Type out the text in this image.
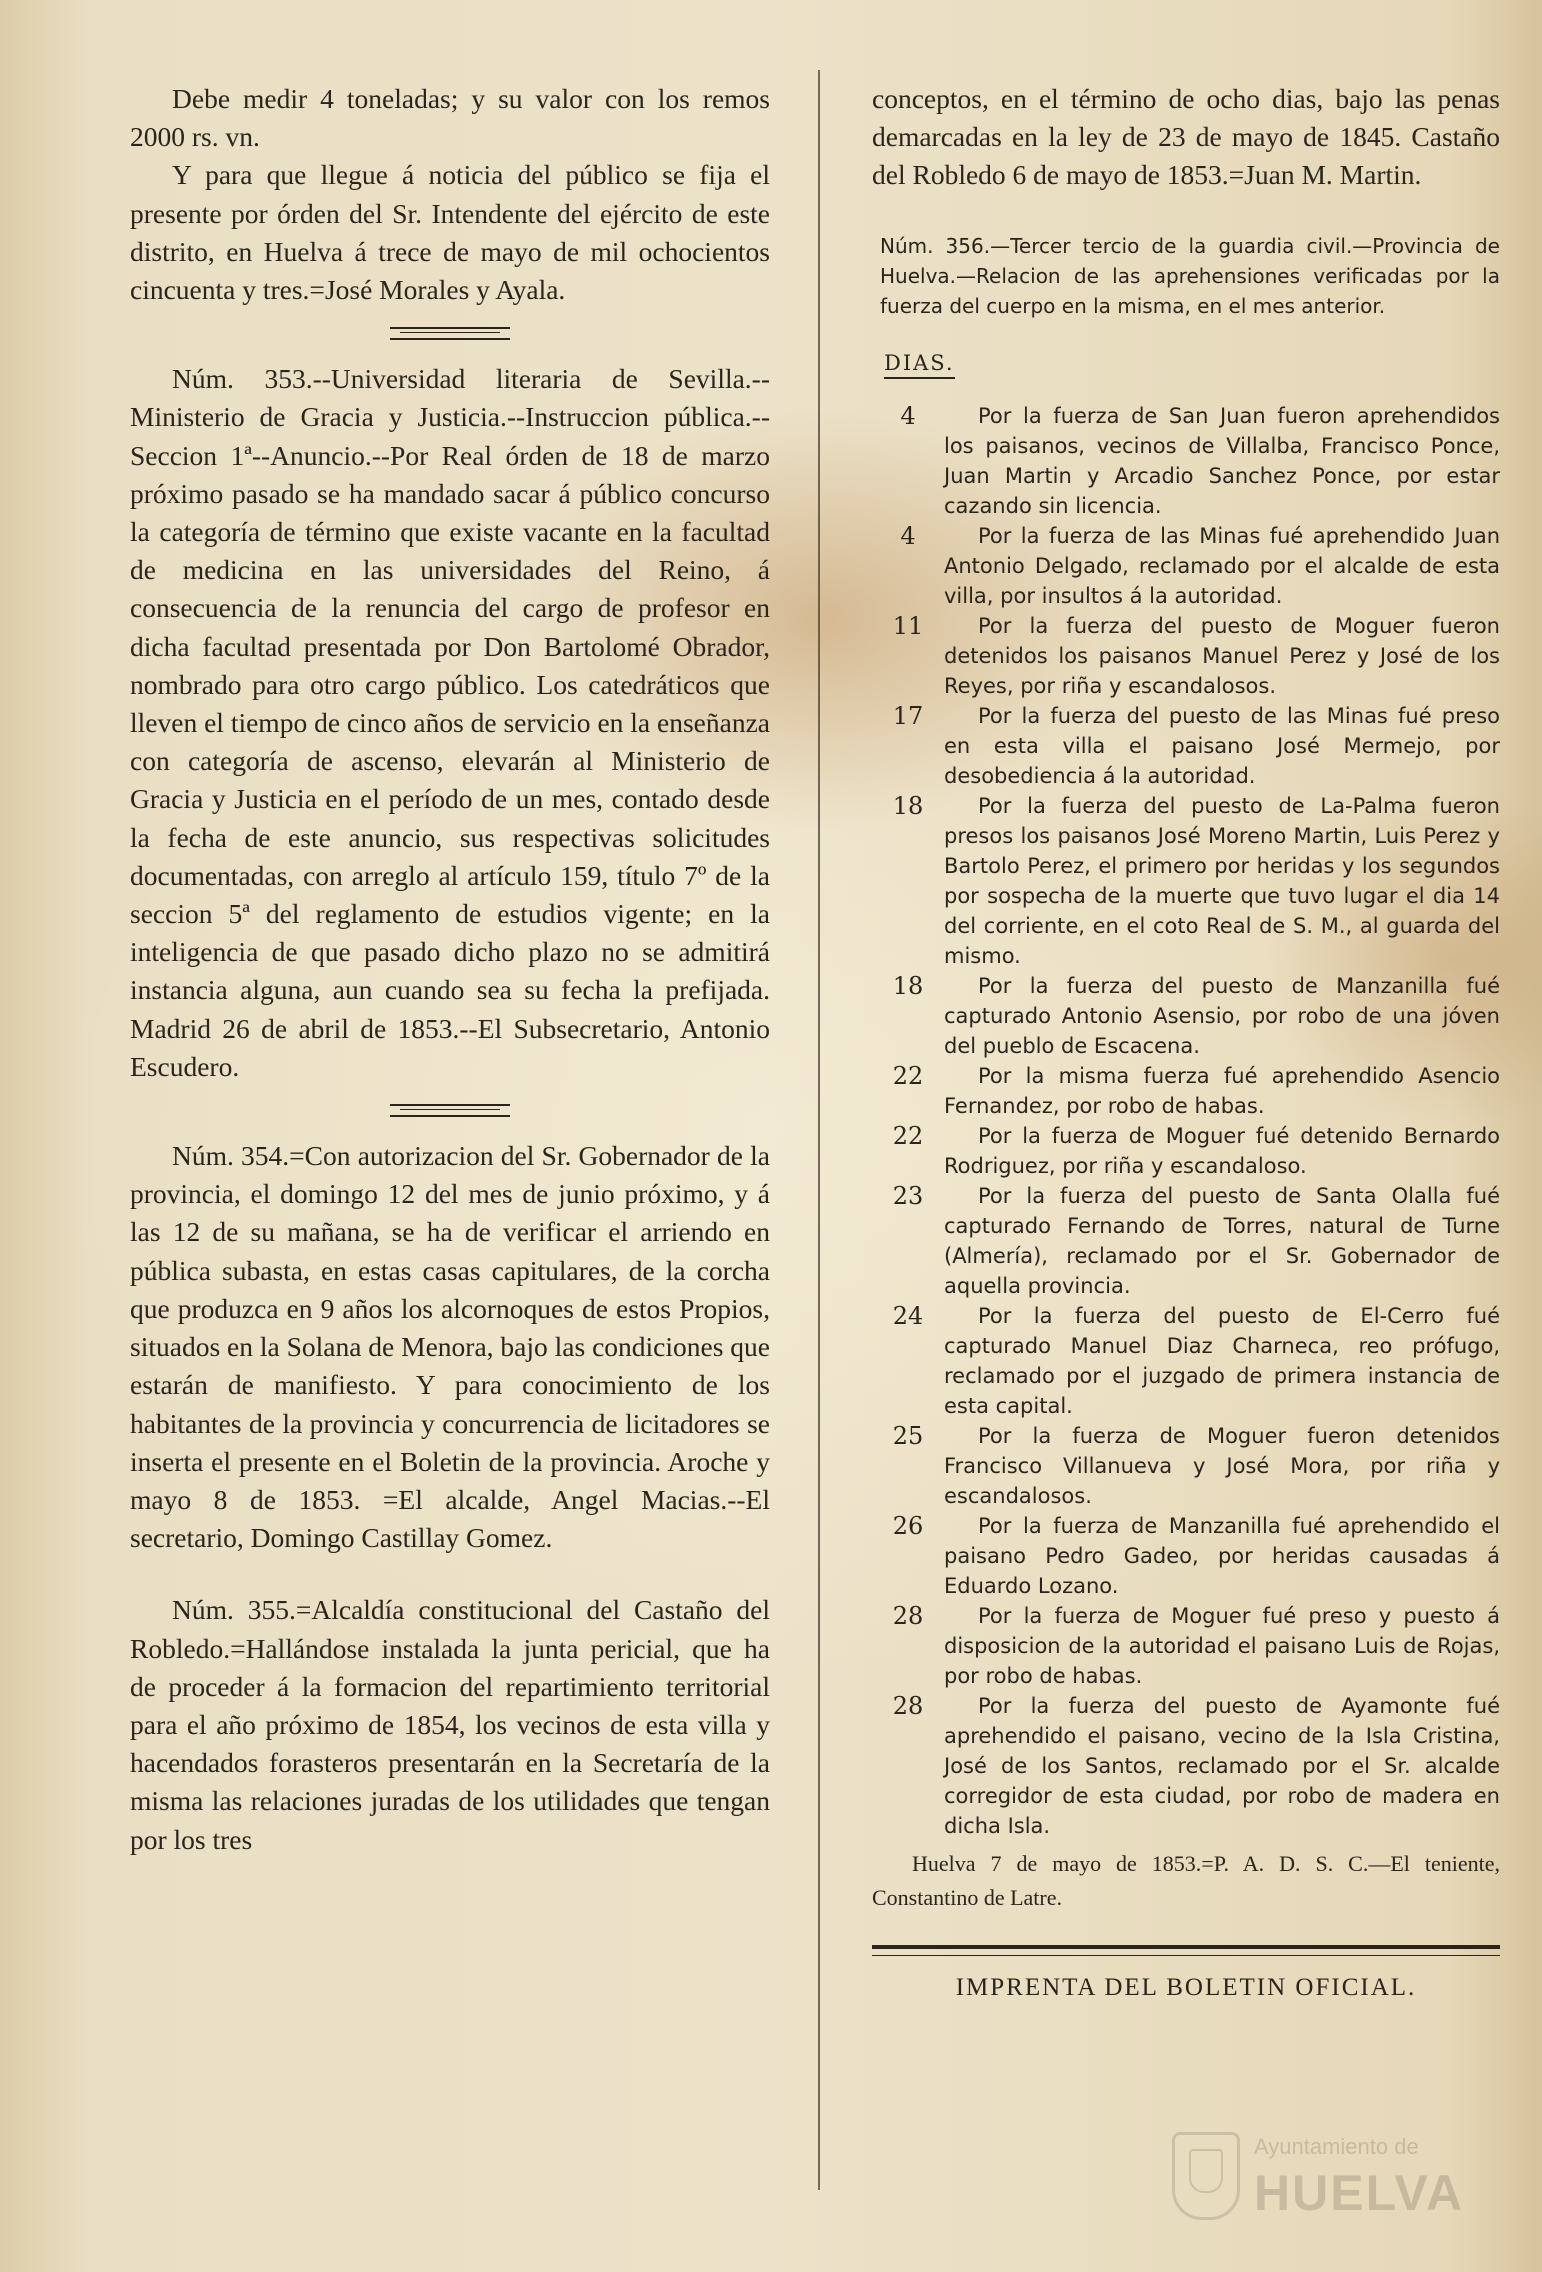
Debe medir 4 toneladas; y su valor con los remos 2000 rs. vn.

Y para que llegue á noticia del público se fija el presente por órden del Sr. Intendente del ejército de este distrito, en Huelva á trece de mayo de mil ochocientos cincuenta y tres.=José Morales y Ayala.

Núm. 353.--Universidad literaria de Sevilla.--Ministerio de Gracia y Justicia.--Instruccion pública.--Seccion 1ª--Anuncio.--Por Real órden de 18 de marzo próximo pasado se ha mandado sacar á público concurso la categoría de término que existe vacante en la facultad de medicina en las universidades del Reino, á consecuencia de la renuncia del cargo de profesor en dicha facultad presentada por Don Bartolomé Obrador, nombrado para otro cargo público. Los catedráticos que lleven el tiempo de cinco años de servicio en la enseñanza con categoría de ascenso, elevarán al Ministerio de Gracia y Justicia en el período de un mes, contado desde la fecha de este anuncio, sus respectivas solicitudes documentadas, con arreglo al artículo 159, título 7º de la seccion 5ª del reglamento de estudios vigente; en la inteligencia de que pasado dicho plazo no se admitirá instancia alguna, aun cuando sea su fecha la prefijada. Madrid 26 de abril de 1853.--El Subsecretario, Antonio Escudero.

Núm. 354.=Con autorizacion del Sr. Gobernador de la provincia, el domingo 12 del mes de junio próximo, y á las 12 de su mañana, se ha de verificar el arriendo en pública subasta, en estas casas capitulares, de la corcha que produzca en 9 años los alcornoques de estos Propios, situados en la Solana de Menora, bajo las condiciones que estarán de manifiesto. Y para conocimiento de los habitantes de la provincia y concurrencia de licitadores se inserta el presente en el Boletin de la provincia. Aroche y mayo 8 de 1853. =El alcalde, Angel Macias.--El secretario, Domingo Castillay Gomez.

Núm. 355.=Alcaldía constitucional del Castaño del Robledo.=Hallándose instalada la junta pericial, que ha de proceder á la formacion del repartimiento territorial para el año próximo de 1854, los vecinos de esta villa y hacendados forasteros presentarán en la Secretaría de la misma las relaciones juradas de los utilidades que tengan por los tres

conceptos, en el término de ocho dias, bajo las penas demarcadas en la ley de 23 de mayo de 1845. Castaño del Robledo 6 de mayo de 1853.=Juan M. Martin.

Núm. 356.—Tercer tercio de la guardia civil.—Provincia de Huelva.—Relacion de las aprehensiones verificadas por la fuerza del cuerpo en la misma, en el mes anterior.

DIAS.
4	Por la fuerza de San Juan fueron aprehendidos los paisanos, vecinos de Villalba, Francisco Ponce, Juan Martin y Arcadio Sanchez Ponce, por estar cazando sin licencia.
4	Por la fuerza de las Minas fué aprehendido Juan Antonio Delgado, reclamado por el alcalde de esta villa, por insultos á la autoridad.
11	Por la fuerza del puesto de Moguer fueron detenidos los paisanos Manuel Perez y José de los Reyes, por riña y escandalosos.
17	Por la fuerza del puesto de las Minas fué preso en esta villa el paisano José Mermejo, por desobediencia á la autoridad.
18	Por la fuerza del puesto de La-Palma fueron presos los paisanos José Moreno Martin, Luis Perez y Bartolo Perez, el primero por heridas y los segundos por sospecha de la muerte que tuvo lugar el dia 14 del corriente, en el coto Real de S. M., al guarda del mismo.
18	Por la fuerza del puesto de Manzanilla fué capturado Antonio Asensio, por robo de una jóven del pueblo de Escacena.
22	Por la misma fuerza fué aprehendido Asencio Fernandez, por robo de habas.
22	Por la fuerza de Moguer fué detenido Bernardo Rodriguez, por riña y escandaloso.
23	Por la fuerza del puesto de Santa Olalla fué capturado Fernando de Torres, natural de Turne (Almería), reclamado por el Sr. Gobernador de aquella provincia.
24	Por la fuerza del puesto de El-Cerro fué capturado Manuel Diaz Charneca, reo prófugo, reclamado por el juzgado de primera instancia de esta capital.
25	Por la fuerza de Moguer fueron detenidos Francisco Villanueva y José Mora, por riña y escandalosos.
26	Por la fuerza de Manzanilla fué aprehendido el paisano Pedro Gadeo, por heridas causadas á Eduardo Lozano.
28	Por la fuerza de Moguer fué preso y puesto á disposicion de la autoridad el paisano Luis de Rojas, por robo de habas.
28	Por la fuerza del puesto de Ayamonte fué aprehendido el paisano, vecino de la Isla Cristina, José de los Santos, reclamado por el Sr. alcalde corregidor de esta ciudad, por robo de madera en dicha Isla.

Huelva 7 de mayo de 1853.=P. A. D. S. C.—El teniente, Constantino de Latre.

IMPRENTA DEL BOLETIN OFICIAL.
Ayuntamiento de
HUELVA
